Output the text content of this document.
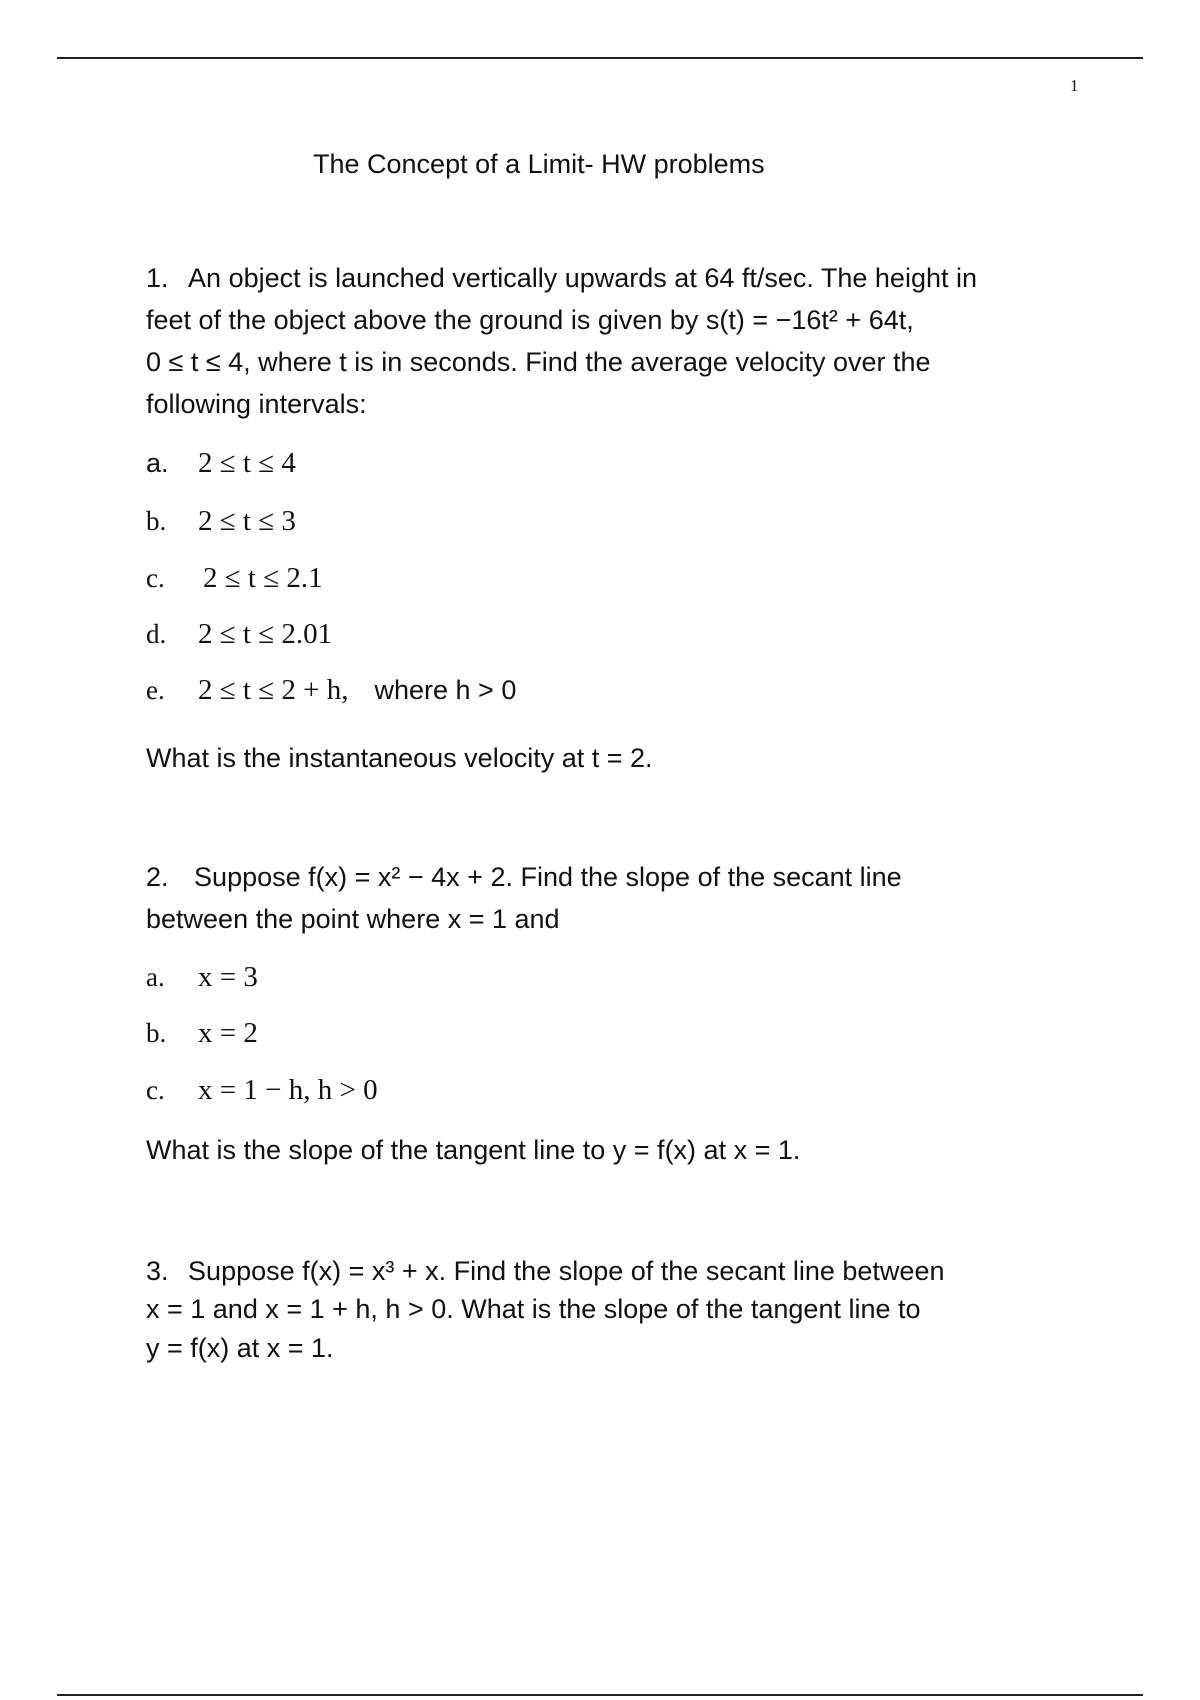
1
The Concept of a Limit- HW problems
1. An object is launched vertically upwards at 64 ft/sec. The height in
feet of the object above the ground is given by s(t) = −16t² + 64t,
0 ≤ t ≤ 4, where t is in seconds. Find the average velocity over the
following intervals:
a. 2 ≤ t ≤ 4
b. 2 ≤ t ≤ 3
c. 2 ≤ t ≤ 2.1
d. 2 ≤ t ≤ 2.01
e. 2 ≤ t ≤ 2 + h, where h > 0
What is the instantaneous velocity at t = 2.
2. Suppose f(x) = x² − 4x + 2. Find the slope of the secant line
between the point where x = 1 and
a. x = 3
b. x = 2
c. x = 1 − h, h > 0
What is the slope of the tangent line to y = f(x) at x = 1.
3. Suppose f(x) = x³ + x. Find the slope of the secant line between
x = 1 and x = 1 + h, h > 0. What is the slope of the tangent line to
y = f(x) at x = 1.
